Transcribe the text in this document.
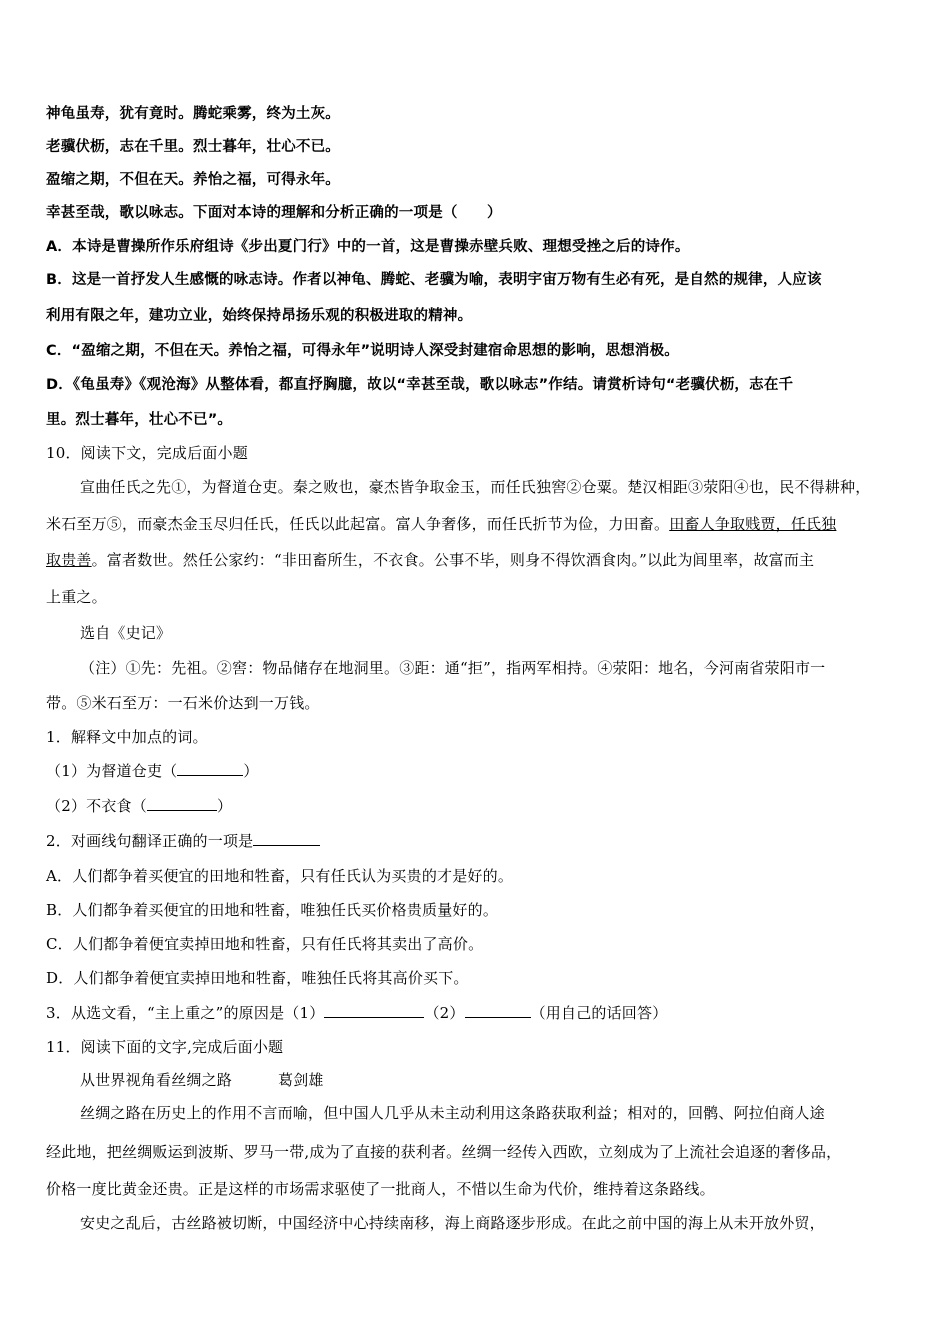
神龟虽寿，犹有竟时。腾蛇乘雾，终为土灰。
老骥伏枥，志在千里。烈士暮年，壮心不已。
盈缩之期，不但在天。养怡之福，可得永年。
幸甚至哉，歌以咏志。下面对本诗的理解和分析正确的一项是（　　）
A．本诗是曹操所作乐府组诗《步出夏门行》中的一首，这是曹操赤壁兵败、理想受挫之后的诗作。
B．这是一首抒发人生感慨的咏志诗。作者以神龟、腾蛇、老骥为喻，表明宇宙万物有生必有死，是自然的规律，人应该
利用有限之年，建功立业，始终保持昂扬乐观的积极进取的精神。
C．“盈缩之期，不但在天。养怡之福，可得永年”说明诗人深受封建宿命思想的影响，思想消极。
D．《龟虽寿》《观沧海》从整体看，都直抒胸臆，故以“幸甚至哉，歌以咏志”作结。请赏析诗句“老骥伏枥，志在千
里。烈士暮年，壮心不已”。
10．阅读下文，完成后面小题
宣曲任氏之先①，为督道仓吏。秦之败也，豪杰皆争取金玉，而任氏独窖②仓粟。楚汉相距③荥阳④也，民不得耕种，
米石至万⑤，而豪杰金玉尽归任氏，任氏以此起富。富人争奢侈，而任氏折节为俭，力田畜。田畜人争取贱贾，任氏独
取贵善。富者数世。然任公家约：“非田畜所生，不衣食。公事不毕，则身不得饮酒食肉。”以此为闾里率，故富而主
上重之。
选自《史记》
（注）①先：先祖。②窖：物品储存在地洞里。③距：通“拒”，指两军相持。④荥阳：地名，今河南省荥阳市一
带。⑤米石至万：一石米价达到一万钱。
1．解释文中加点的词。
（1）为督道仓吏（	）
（2）不衣食（	）
2．对画线句翻译正确的一项是
A．人们都争着买便宜的田地和牲畜，只有任氏认为买贵的才是好的。
B．人们都争着买便宜的田地和牲畜，唯独任氏买价格贵质量好的。
C．人们都争着便宜卖掉田地和牲畜，只有任氏将其卖出了高价。
D．人们都争着便宜卖掉田地和牲畜，唯独任氏将其高价买下。
3．从选文看，“主上重之”的原因是（1）	（2）	（用自己的话回答）
11．阅读下面的文字,完成后面小题
从世界视角看丝绸之路	葛剑雄
丝绸之路在历史上的作用不言而喻，但中国人几乎从未主动利用这条路获取利益；相对的，回鹘、阿拉伯商人途
经此地，把丝绸贩运到波斯、罗马一带,成为了直接的获利者。丝绸一经传入西欧，立刻成为了上流社会追逐的奢侈品，
价格一度比黄金还贵。正是这样的市场需求驱使了一批商人，不惜以生命为代价，维持着这条路线。
安史之乱后，古丝路被切断，中国经济中心持续南移，海上商路逐步形成。在此之前中国的海上从未开放外贸，
